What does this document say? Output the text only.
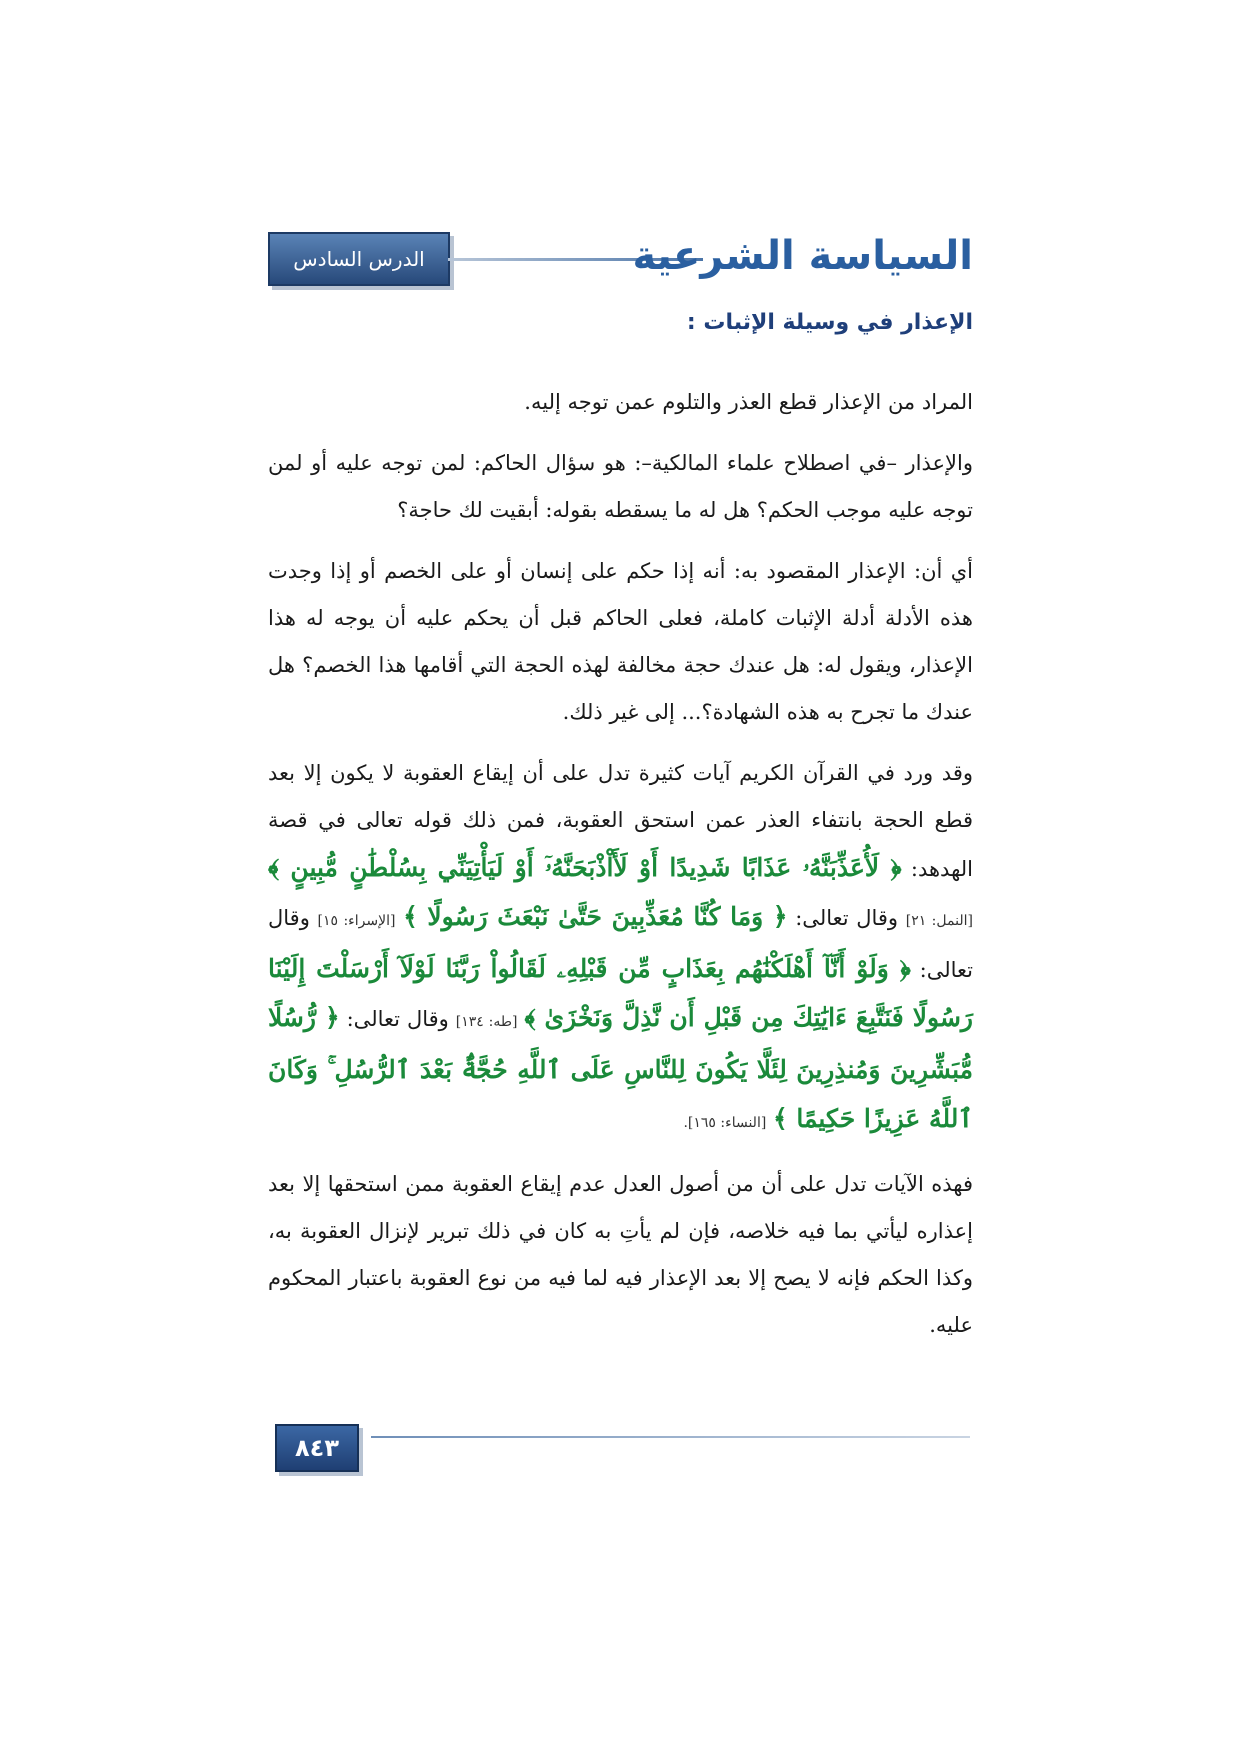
الدرس السادس عشر
السياسة الشرعية
الإعذار في وسيلة الإثبات :

المراد من الإعذار قطع العذر والتلوم عمن توجه إليه.

والإعذار –في اصطلاح علماء المالكية–: هو سؤال الحاكم: لمن توجه عليه أو لمن توجه عليه موجب الحكم؟ هل له ما يسقطه بقوله: أبقيت لك حاجة؟

أي أن: الإعذار المقصود به: أنه إذا حكم على إنسان أو على الخصم أو إذا وجدت هذه الأدلة أدلة الإثبات كاملة، فعلى الحاكم قبل أن يحكم عليه أن يوجه له هذا الإعذار، ويقول له: هل عندك حجة مخالفة لهذه الحجة التي أقامها هذا الخصم؟ هل عندك ما تجرح به هذه الشهادة؟... إلى غير ذلك.

وقد ورد في القرآن الكريم آيات كثيرة تدل على أن إيقاع العقوبة لا يكون إلا بعد قطع الحجة بانتفاء العذر عمن استحق العقوبة، فمن ذلك قوله تعالى في قصة الهدهد: ﴿ لَأُعَذِّبَنَّهُۥ عَذَابًا شَدِيدًا أَوْ لَأَاْذْبَحَنَّهُۥٓ أَوْ لَيَأْتِيَنِّي بِسُلْطَٰنٍ مُّبِينٍ ﴾ [النمل: ٢١] وقال تعالى: ﴿ وَمَا كُنَّا مُعَذِّبِينَ حَتَّىٰ نَبْعَثَ رَسُولًا ﴾ [الإسراء: ١٥] وقال تعالى: ﴿ وَلَوْ أَنَّآ أَهْلَكْنَٰهُم بِعَذَابٍ مِّن قَبْلِهِۦ لَقَالُواْ رَبَّنَا لَوْلَآ أَرْسَلْتَ إِلَيْنَا رَسُولًا فَنَتَّبِعَ ءَايَٰتِكَ مِن قَبْلِ أَن نَّذِلَّ وَنَخْزَىٰ ﴾ [طه: ١٣٤] وقال تعالى: ﴿ رُّسُلًا مُّبَشِّرِينَ وَمُنذِرِينَ لِئَلَّا يَكُونَ لِلنَّاسِ عَلَى ٱللَّهِ حُجَّةٌۢ بَعْدَ ٱلرُّسُلِ ۚ وَكَانَ ٱللَّهُ عَزِيزًا حَكِيمًا ﴾ [النساء: ١٦٥].

فهذه الآيات تدل على أن من أصول العدل عدم إيقاع العقوبة ممن استحقها إلا بعد إعذاره ليأتي بما فيه خلاصه، فإن لم يأتِ به كان في ذلك تبرير لإنزال العقوبة به، وكذا الحكم فإنه لا يصح إلا بعد الإعذار فيه لما فيه من نوع العقوبة باعتبار المحكوم عليه.

٨٤٣
